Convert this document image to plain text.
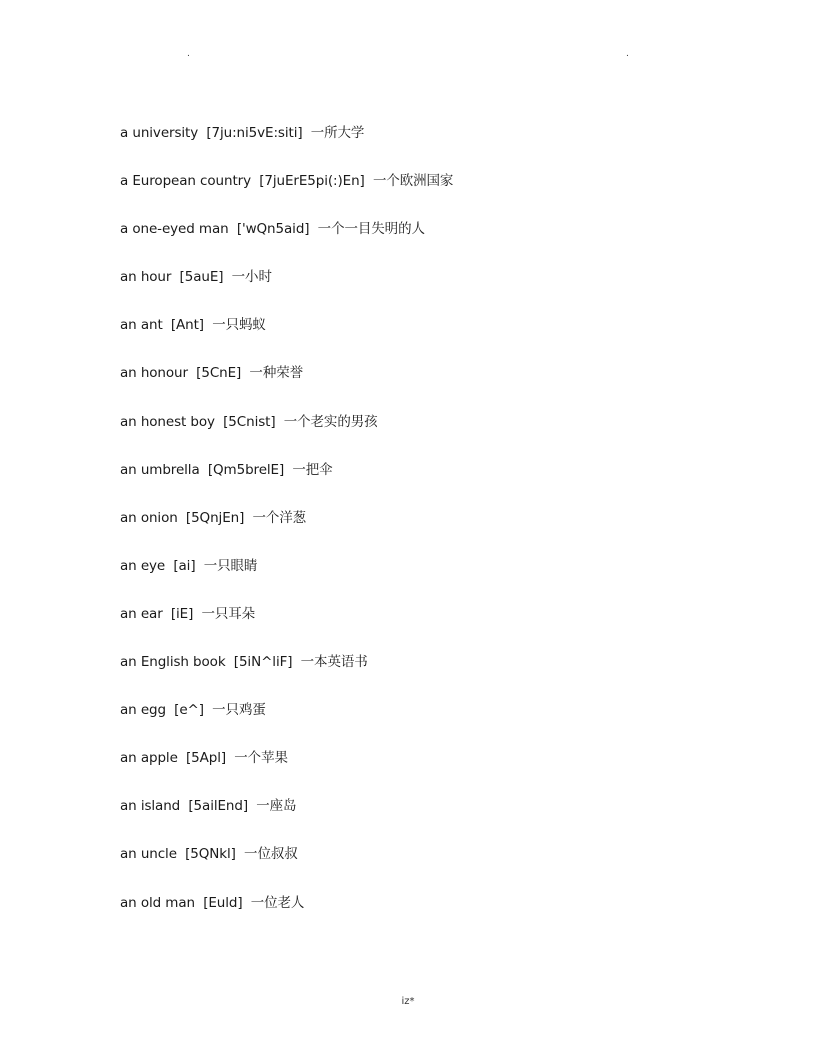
.	.
a university [7ju:ni5vE:siti] 一所大学
a European country [7juErE5pi(:)En] 一个欧洲国家
a one-eyed man ['wQn5aid] 一个一目失明的人
an hour [5auE] 一小时
an ant [Ant] 一只蚂蚁
an honour [5CnE] 一种荣誉
an honest boy [5Cnist] 一个老实的男孩
an umbrella [Qm5brelE] 一把伞
an onion [5QnjEn] 一个洋葱
an eye [ai] 一只眼睛
an ear [iE] 一只耳朵
an English book [5iN^liF] 一本英语书
an egg [e^] 一只鸡蛋
an apple [5Apl] 一个苹果
an island [5ailEnd] 一座岛
an uncle [5QNkl] 一位叔叔
an old man [Euld] 一位老人
iz*
